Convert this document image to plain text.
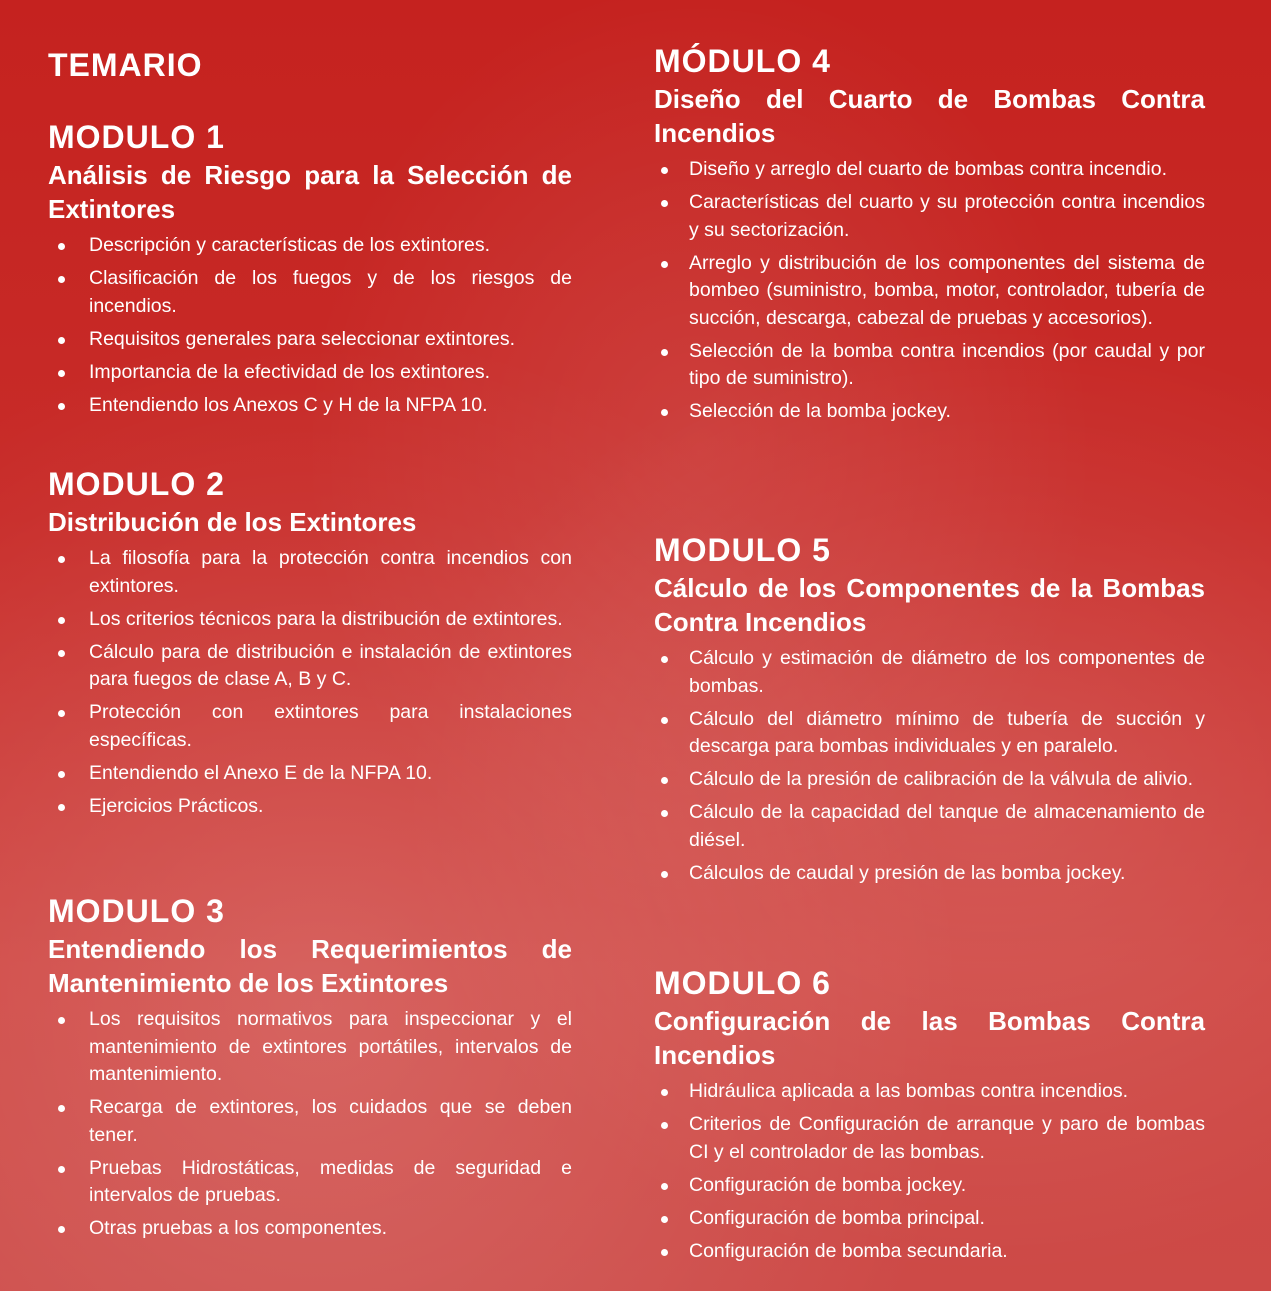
TEMARIO
MODULO 1
Análisis de Riesgo para la Selección de Extintores
Descripción y características de los extintores.
Clasificación de los fuegos y de los riesgos de incendios.
Requisitos generales para seleccionar extintores.
Importancia de la efectividad de los extintores.
Entendiendo los Anexos C y H de la NFPA 10.
MODULO 2
Distribución de los Extintores
La filosofía para la protección contra incendios con extintores.
Los criterios técnicos para la distribución de extintores.
Cálculo para de distribución e instalación de extintores para fuegos de clase A, B y C.
Protección con extintores para instalaciones específicas.
Entendiendo el Anexo E de la NFPA 10.
Ejercicios Prácticos.
MODULO 3
Entendiendo los Requerimientos de Mantenimiento de los Extintores
Los requisitos normativos para inspeccionar y el mantenimiento de extintores portátiles, intervalos de mantenimiento.
Recarga de extintores, los cuidados que se deben tener.
Pruebas Hidrostáticas, medidas de seguridad e intervalos de pruebas.
Otras pruebas a los componentes.
MÓDULO 4
Diseño del Cuarto de Bombas Contra Incendios
Diseño y arreglo del cuarto de bombas contra incendio.
Características del cuarto y su protección contra incendios y su sectorización.
Arreglo y distribución de los componentes del sistema de bombeo (suministro, bomba, motor, controlador, tubería de succión, descarga, cabezal de pruebas y accesorios).
Selección de la bomba contra incendios (por caudal y por tipo de suministro).
Selección de la bomba jockey.
MODULO 5
Cálculo de los Componentes de la Bombas Contra Incendios
Cálculo y estimación de diámetro de los componentes de bombas.
Cálculo del diámetro mínimo de tubería de succión y descarga para bombas individuales y en paralelo.
Cálculo de la presión de calibración de la válvula de alivio.
Cálculo de la capacidad del tanque de almacenamiento de diésel.
Cálculos de caudal y presión de las bomba jockey.
MODULO 6
Configuración de las Bombas Contra Incendios
Hidráulica aplicada a las bombas contra incendios.
Criterios de Configuración de arranque y paro de bombas CI y el controlador de las bombas.
Configuración de bomba jockey.
Configuración de bomba principal.
Configuración de bomba secundaria.
